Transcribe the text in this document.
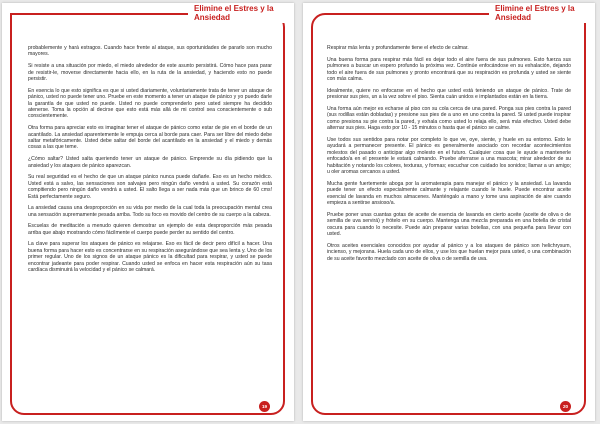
Elimine el Estres y la Ansiedad

probablemente y hará estragos. Cuando hace frente al ataque, sus oportunidades de pararlo son mucho mayores.

Si resiste a una situación por miedo, el miedo alrededor de este asunto persistirá. Cómo hace para parar de resistir-le, moverse directamente hacia ello, en la ruta de la ansiedad, y haciendo esto no puede persistir.

En esencia lo que esto significa es que si usted diariamente, voluntariamente trata de tener un ataque de pánico, usted no puede tener uno. Pruebe en este momento a tener un ataque de pánico y yo puedo darle la garantía de que usted no puede. Usted no puede comprenderlo pero usted siempre ha decidido atenerse. Toma la opción al decirse que esto está más allá de mi control sea conscientemente o sub conscientemente.

Otra forma para apreciar esto es imaginar tener el ataque de pánico como estar de pie en el borde de un acantilado. La ansiedad aparentemente le empuja cerca al borde para caer. Para ser libre del miedo debe saltar metafóricamente. Usted debe saltar del borde del acantilado en la ansiedad y el miedo y demás cosas a las que teme.

¿Cómo saltar? Usted salta queriendo tener un ataque de pánico. Emprende su día pidiendo que la ansiedad y los ataques de pánico aparezcan.

Su real seguridad es el hecho de que un ataque pánico nunca puede dañarle. Eso es un hecho médico. Usted está a salvo, las sensaciones son salvajes pero ningún daño vendrá a usted. Su corazón está compitiendo pero ningún daño vendrá a usted. El salto llega a ser nada más que un brinco de 60 cms! Está perfectamente seguro.

La ansiedad causa una desproporción en su vida por medio de la cual toda la preocupación mental crea una sensación supremamente pesada arriba. Todo su foco es movido del centro de su cuerpo a la cabeza.

Escuelas de meditación a menudo quieren demostrar un ejemplo de esta desproporción más pesada arriba que abajo mostrando cómo fácilmente el cuerpo puede perder su sentido del centro.

La clave para superar los ataques de pánico es relajarse. Eso es fácil de decir pero difícil a hacer. Una buena forma para hacer esto es concentrarse en su respiración asegurándose que sea lenta y. Uno de los primer regular. Uno de los signos de un ataque pánico es la dificultad para respirar, y usted se puede encontrar jadeante para poder respirar. Cuando usted se enfoca en hacer esta respiración aún su tasa cardíaca disminuirá la velocidad y el pánico se calmará.

19
Elimine el Estres y la Ansiedad

Respirar más lenta y profundamente tiene el efecto de calmar.

Una buena forma para respirar más fácil es dejar todo el aire fuera de sus pulmones. Esto fuerza sus pulmones a buscar un espero profundo la próxima vez. Continúe enfocándose en su exhalación, dejando todo el aire fuera de sus pulmones y pronto encontrará que su respiración es profunda y usted se siente con más calma.

Idealmente, quiere no enfocarse en el hecho que usted está teniendo un ataque de pánico. Trate de presionar sus pies, un a la vez sobre el piso. Sienta cuán unidos e implantados están en la tierra.

Una forma aún mejor es echarse al piso con su cola cerca de una pared. Ponga sus pies contra la pared (sus rodillas están dobladas) y presione sus pies de a uno en uno contra la pared. Si usted puede inspirar como presiona su pie contra la pared, y exhala como usted lo relaja ello, será más efectivo. Usted debe alternar sus pies. Haga esto por 10 - 15 minutos o hasta que el pánico se calme.

Use todos sus sentidos para notar por completo lo que ve, oye, siente, y huele en su entorno. Esto le ayudará a permanecer presente. El pánico es generalmente asociado con recordar acontecimientos molestos del pasado o anticipar algo molesto en el futuro. Cualquier cosa que le ayude a mantenerle enfocado/a en el presente le estará calmando. Pruebe aferrarse a una mascota; mirar alrededor de su habitación y notando los colores, texturas, y formas; escuchar con cuidado los sonidos; llamar a un amigo; u oler aromas cercanos a usted.

Mucha gente fuertemente aboga por la aromaterapia para manejar el pánico y la ansiedad. La lavanda puede tener un efecto especialmente calmante y relajante cuando le huele. Puede encontrar aceite esencial de lavanda en muchos almacenes. Manténgalo a mano y tome una aspiración de aire cuando empieza a sentirse ansioso/a.

Pruebe poner unas cuantas gotas de aceite de esencia de lavanda en cierto aceite (aceite de oliva o de semilla de uva servirá) y frótelo en su cuerpo. Mantenga una mezcla preparada en una botella de cristal oscura para cuando lo necesite. Puede aún preparar varias botellas, con una pequeña para llevar con usted.

Otros aceites esenciales conocidos por ayudar al pánico y a los ataques de pánico son helichrysum, incienso, y mejorana. Huela cada uno de ellos, y use los que huelan mejor para usted, o una combinación de su aceite favorito mezclado con aceite de oliva o de semilla de uva.

20
